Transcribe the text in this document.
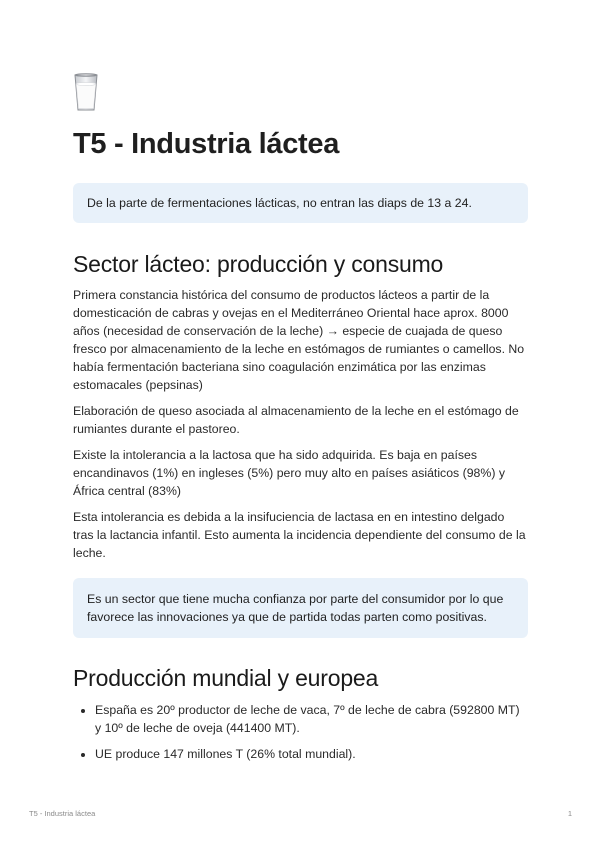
T5 - Industria láctea
De la parte de fermentaciones lácticas, no entran las diaps de 13 a 24.
Sector lácteo: producción y consumo

Primera constancia histórica del consumo de productos lácteos a partir de la domesticación de cabras y ovejas en el Mediterráneo Oriental hace aprox. 8000 años (necesidad de conservación de la leche) → especie de cuajada de queso fresco por almacenamiento de la leche en estómagos de rumiantes o camellos. No había fermentación bacteriana sino coagulación enzimática por las enzimas estomacales (pepsinas)

Elaboración de queso asociada al almacenamiento de la leche en el estómago de rumiantes durante el pastoreo.

Existe la intolerancia a la lactosa que ha sido adquirida. Es baja en países encandinavos (1%) en ingleses (5%) pero muy alto en países asiáticos (98%) y África central (83%)

Esta intolerancia es debida a la insifuciencia de lactasa en en intestino delgado tras la lactancia infantil. Esto aumenta la incidencia dependiente del consumo de la leche.

Es un sector que tiene mucha confianza por parte del consumidor por lo que favorece las innovaciones ya que de partida todas parten como positivas.
Producción mundial y europea
• España es 20º productor de leche de vaca, 7º de leche de cabra (592800 MT) y 10º de leche de oveja (441400 MT).
• UE produce 147 millones T (26% total mundial).
T5 - Industria láctea	1
